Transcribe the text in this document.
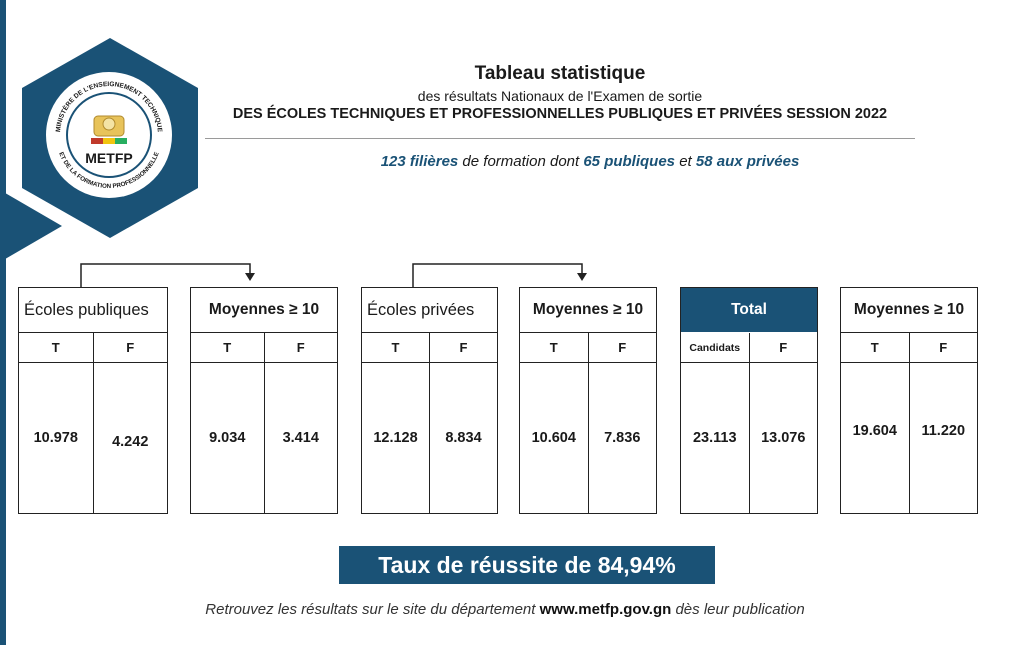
MINISTÈRE DE L'ENSEIGNEMENT TECHNIQUE
ET DE LA FORMATION PROFESSIONNELLE
METFP
Tableau statistique
des résultats Nationaux de l'Examen de sortie
DES ÉCOLES TECHNIQUES ET PROFESSIONNELLES PUBLIQUES ET PRIVÉES SESSION 2022
123 filières de formation dont 65 publiques et 58 aux privées
Écoles publiques
T	F
10.978	4.242
Moyennes ≥ 10
T	F
9.034	3.414
Écoles privées
T	F
12.128	8.834
Moyennes ≥ 10
T	F
10.604	7.836
Total
Candidats	F
23.113	13.076
Moyennes ≥ 10
T	F
19.604	11.220
Taux de réussite de 84,94%
Retrouvez les résultats sur le site du département www.metfp.gov.gn dès leur publication
